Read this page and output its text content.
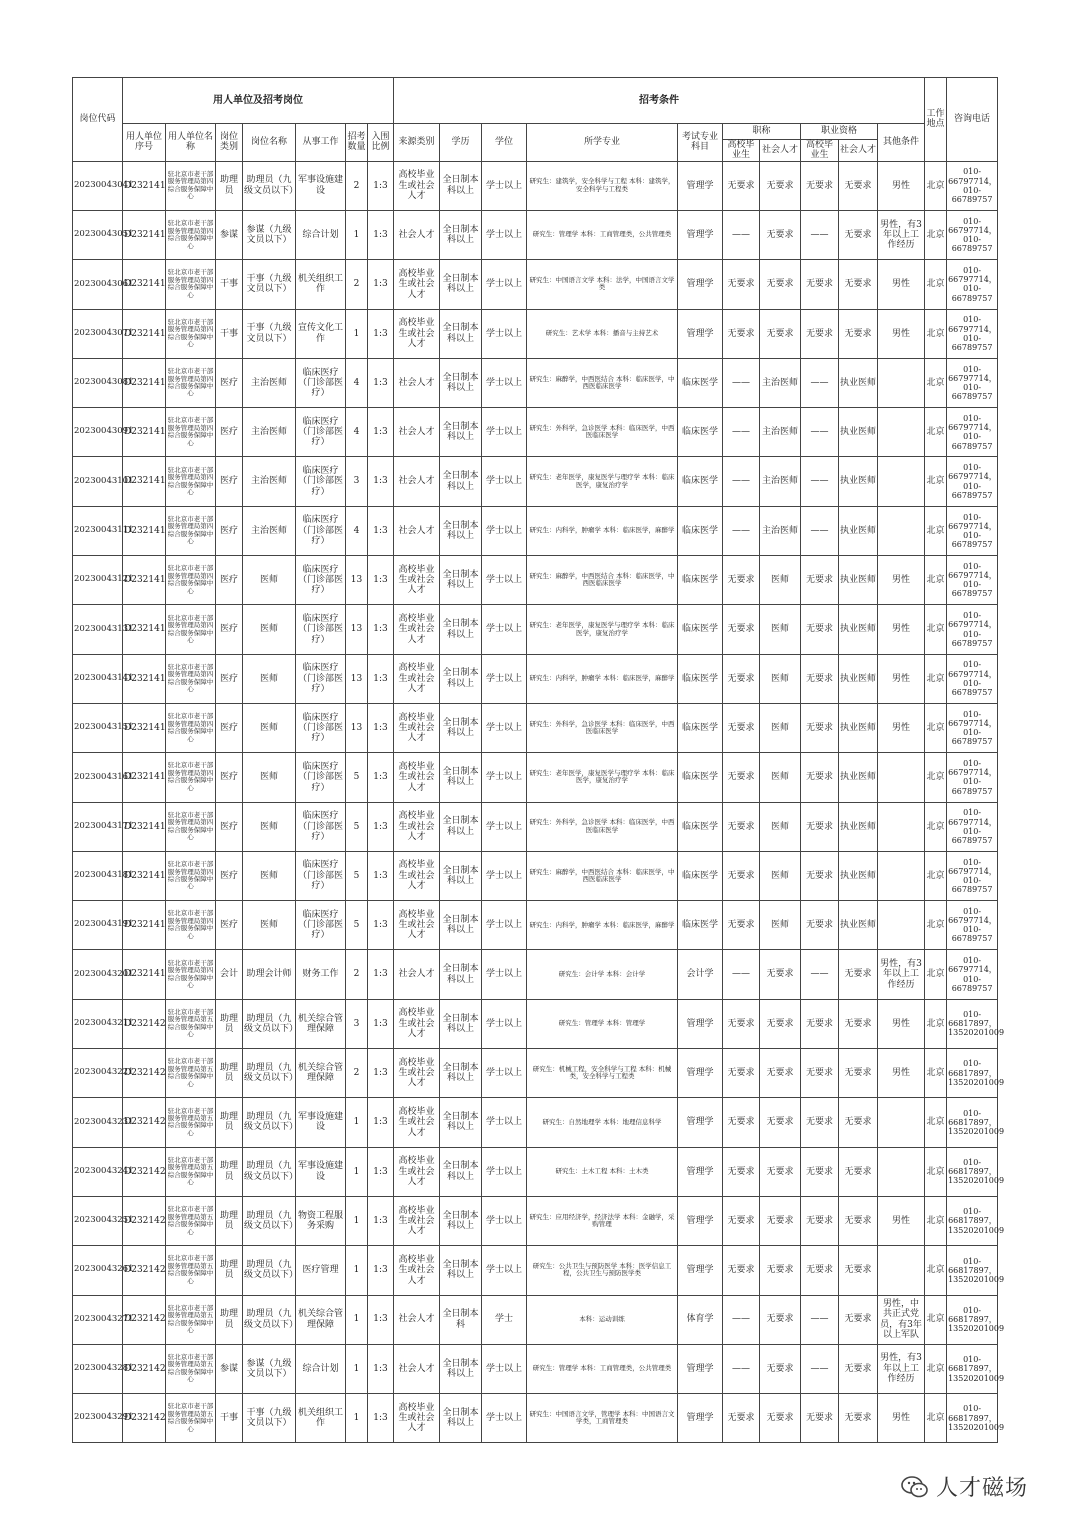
岗位代码	用人单位及招考岗位							招考条件										工作地点	咨询电话
	用人单位序号	用人单位名称	岗位类别	岗位名称	从事工作	招考数量	入围比例	来源类别	学历	学位	所学专业	考试专业科目	职称		职业资格		其他条件		
													高校毕业生	社会人才	高校毕业生	社会人才			
20230043041	D232141	驻北京市老干部服务管理局第四综合服务保障中心	助理员	助理员（九级文员以下）	军事设施建设	2	1:3	高校毕业生或社会人才	全日制本科以上	学士以上	研究生：建筑学，安全科学与工程 本科：建筑学，安全科学与工程类	管理学	无要求	无要求	无要求	无要求	男性	北京	010-66797714，010-66789757
20230043051	D232141	驻北京市老干部服务管理局第四综合服务保障中心	参谋	参谋（九级文员以下）	综合计划	1	1:3	社会人才	全日制本科以上	学士以上	研究生：管理学 本科：工商管理类，公共管理类	管理学	——	无要求	——	无要求	男性，有3年以上工作经历	北京	010-66797714，010-66789757
20230043061	D232141	驻北京市老干部服务管理局第四综合服务保障中心	干事	干事（九级文员以下）	机关组织工作	2	1:3	高校毕业生或社会人才	全日制本科以上	学士以上	研究生：中国语言文学 本科：法学，中国语言文学类	管理学	无要求	无要求	无要求	无要求	男性	北京	010-66797714，010-66789757
20230043071	D232141	驻北京市老干部服务管理局第四综合服务保障中心	干事	干事（九级文员以下）	宣传文化工作	1	1:3	高校毕业生或社会人才	全日制本科以上	学士以上	研究生：艺术学 本科：播音与主持艺术	管理学	无要求	无要求	无要求	无要求	男性	北京	010-66797714，010-66789757
20230043081	D232141	驻北京市老干部服务管理局第四综合服务保障中心	医疗	主治医师	临床医疗（门诊部医疗）	4	1:3	社会人才	全日制本科以上	学士以上	研究生：麻醉学，中西医结合 本科：临床医学，中西医临床医学	临床医学	——	主治医师	——	执业医师		北京	010-66797714，010-66789757
20230043091	D232141	驻北京市老干部服务管理局第四综合服务保障中心	医疗	主治医师	临床医疗（门诊部医疗）	4	1:3	社会人才	全日制本科以上	学士以上	研究生：外科学，急诊医学 本科：临床医学，中西医临床医学	临床医学	——	主治医师	——	执业医师		北京	010-66797714，010-66789757
20230043101	D232141	驻北京市老干部服务管理局第四综合服务保障中心	医疗	主治医师	临床医疗（门诊部医疗）	3	1:3	社会人才	全日制本科以上	学士以上	研究生：老年医学，康复医学与理疗学 本科：临床医学，康复治疗学	临床医学	——	主治医师	——	执业医师		北京	010-66797714，010-66789757
20230043111	D232141	驻北京市老干部服务管理局第四综合服务保障中心	医疗	主治医师	临床医疗（门诊部医疗）	4	1:3	社会人才	全日制本科以上	学士以上	研究生：内科学，肿瘤学 本科：临床医学，麻醉学	临床医学	——	主治医师	——	执业医师		北京	010-66797714，010-66789757
20230043121	D232141	驻北京市老干部服务管理局第四综合服务保障中心	医疗	医师	临床医疗（门诊部医疗）	13	1:3	高校毕业生或社会人才	全日制本科以上	学士以上	研究生：麻醉学，中西医结合 本科：临床医学，中西医临床医学	临床医学	无要求	医师	无要求	执业医师	男性	北京	010-66797714，010-66789757
20230043131	D232141	驻北京市老干部服务管理局第四综合服务保障中心	医疗	医师	临床医疗（门诊部医疗）	13	1:3	高校毕业生或社会人才	全日制本科以上	学士以上	研究生：老年医学，康复医学与理疗学 本科：临床医学，康复治疗学	临床医学	无要求	医师	无要求	执业医师	男性	北京	010-66797714，010-66789757
20230043141	D232141	驻北京市老干部服务管理局第四综合服务保障中心	医疗	医师	临床医疗（门诊部医疗）	13	1:3	高校毕业生或社会人才	全日制本科以上	学士以上	研究生：内科学，肿瘤学 本科：临床医学，麻醉学	临床医学	无要求	医师	无要求	执业医师	男性	北京	010-66797714，010-66789757
20230043151	D232141	驻北京市老干部服务管理局第四综合服务保障中心	医疗	医师	临床医疗（门诊部医疗）	13	1:3	高校毕业生或社会人才	全日制本科以上	学士以上	研究生：外科学，急诊医学 本科：临床医学，中西医临床医学	临床医学	无要求	医师	无要求	执业医师	男性	北京	010-66797714，010-66789757
20230043161	D232141	驻北京市老干部服务管理局第四综合服务保障中心	医疗	医师	临床医疗（门诊部医疗）	5	1:3	高校毕业生或社会人才	全日制本科以上	学士以上	研究生：老年医学，康复医学与理疗学 本科：临床医学，康复治疗学	临床医学	无要求	医师	无要求	执业医师		北京	010-66797714，010-66789757
20230043171	D232141	驻北京市老干部服务管理局第四综合服务保障中心	医疗	医师	临床医疗（门诊部医疗）	5	1:3	高校毕业生或社会人才	全日制本科以上	学士以上	研究生：外科学，急诊医学 本科：临床医学，中西医临床医学	临床医学	无要求	医师	无要求	执业医师		北京	010-66797714，010-66789757
20230043181	D232141	驻北京市老干部服务管理局第四综合服务保障中心	医疗	医师	临床医疗（门诊部医疗）	5	1:3	高校毕业生或社会人才	全日制本科以上	学士以上	研究生：麻醉学，中西医结合 本科：临床医学，中西医临床医学	临床医学	无要求	医师	无要求	执业医师		北京	010-66797714，010-66789757
20230043191	D232141	驻北京市老干部服务管理局第四综合服务保障中心	医疗	医师	临床医疗（门诊部医疗）	5	1:3	高校毕业生或社会人才	全日制本科以上	学士以上	研究生：内科学，肿瘤学 本科：临床医学，麻醉学	临床医学	无要求	医师	无要求	执业医师		北京	010-66797714，010-66789757
20230043201	D232141	驻北京市老干部服务管理局第四综合服务保障中心	会计	助理会计师	财务工作	2	1:3	社会人才	全日制本科以上	学士以上	研究生：会计学 本科：会计学	会计学	——	无要求	——	无要求	男性，有3年以上工作经历	北京	010-66797714，010-66789757
20230043211	D232142	驻北京市老干部服务管理局第五综合服务保障中心	助理员	助理员（九级文员以下）	机关综合管理保障	3	1:3	高校毕业生或社会人才	全日制本科以上	学士以上	研究生：管理学 本科：管理学	管理学	无要求	无要求	无要求	无要求	男性	北京	010-66817897，13520201009
20230043221	D232142	驻北京市老干部服务管理局第五综合服务保障中心	助理员	助理员（九级文员以下）	机关综合管理保障	2	1:3	高校毕业生或社会人才	全日制本科以上	学士以上	研究生：机械工程，安全科学与工程 本科：机械类，安全科学与工程类	管理学	无要求	无要求	无要求	无要求	男性	北京	010-66817897，13520201009
20230043231	D232142	驻北京市老干部服务管理局第五综合服务保障中心	助理员	助理员（九级文员以下）	军事设施建设	1	1:3	高校毕业生或社会人才	全日制本科以上	学士以上	研究生：自然地理学 本科：地理信息科学	管理学	无要求	无要求	无要求	无要求		北京	010-66817897，13520201009
20230043241	D232142	驻北京市老干部服务管理局第五综合服务保障中心	助理员	助理员（九级文员以下）	军事设施建设	1	1:3	高校毕业生或社会人才	全日制本科以上	学士以上	研究生：土木工程 本科：土木类	管理学	无要求	无要求	无要求	无要求		北京	010-66817897，13520201009
20230043251	D232142	驻北京市老干部服务管理局第五综合服务保障中心	助理员	助理员（九级文员以下）	物资工程服务采购	1	1:3	高校毕业生或社会人才	全日制本科以上	学士以上	研究生：应用经济学，经济法学 本科：金融学，采购管理	管理学	无要求	无要求	无要求	无要求	男性	北京	010-66817897，13520201009
20230043261	D232142	驻北京市老干部服务管理局第五综合服务保障中心	助理员	助理员（九级文员以下）	医疗管理	1	1:3	高校毕业生或社会人才	全日制本科以上	学士以上	研究生：公共卫生与预防医学 本科：医学信息工程，公共卫生与预防医学类	管理学	无要求	无要求	无要求	无要求		北京	010-66817897，13520201009
20230043271	D232142	驻北京市老干部服务管理局第五综合服务保障中心	助理员	助理员（九级文员以下）	机关综合管理保障	1	1:3	社会人才	全日制本科	学士	本科：运动训练	体育学	——	无要求	——	无要求	男性，中共正式党员，有3年以上军队	北京	010-66817897，13520201009
20230043281	D232142	驻北京市老干部服务管理局第五综合服务保障中心	参谋	参谋（九级文员以下）	综合计划	1	1:3	社会人才	全日制本科以上	学士以上	研究生：管理学 本科：工商管理类，公共管理类	管理学	——	无要求	——	无要求	男性，有3年以上工作经历	北京	010-66817897，13520201009
20230043291	D232142	驻北京市老干部服务管理局第五综合服务保障中心	干事	干事（九级文员以下）	机关组织工作	1	1:3	高校毕业生或社会人才	全日制本科以上	学士以上	研究生：中国语言文学，管理学 本科：中国语言文学类，工商管理类	管理学	无要求	无要求	无要求	无要求	男性	北京	010-66817897，13520201009
人才磁场
